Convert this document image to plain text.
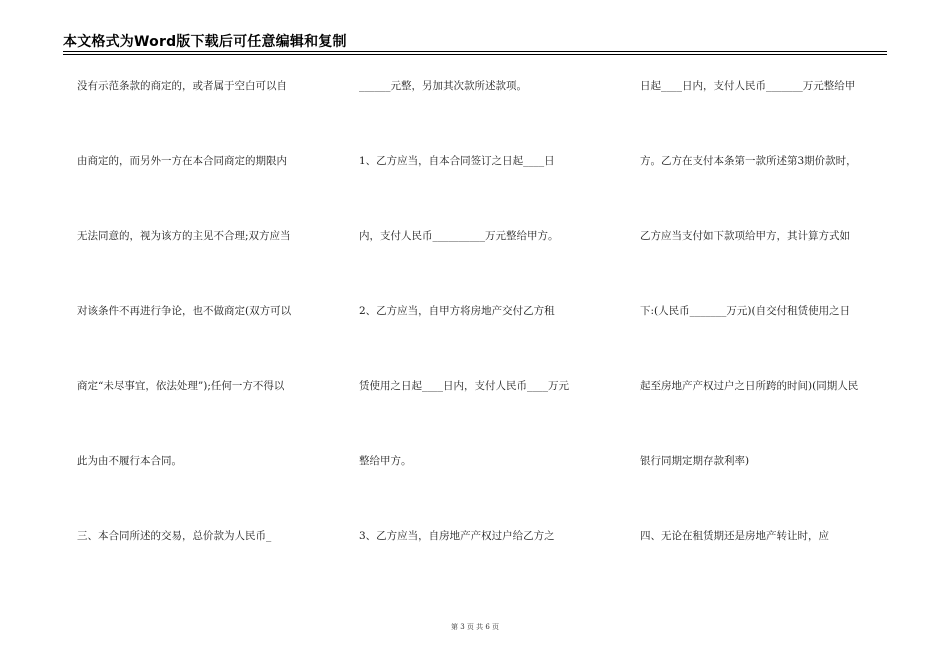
本文格式为Word版下载后可任意编辑和复制
没有示范条款的商定的，或者属于空白可以自
由商定的，而另外一方在本合同商定的期限内
无法同意的，视为该方的主见不合理;双方应当
对该条件不再进行争论，也不做商定(双方可以
商定“未尽事宜，依法处理”);任何一方不得以
此为由不履行本合同。
三、本合同所述的交易，总价款为人民币_
______元整，另加其次款所述款项。
1、乙方应当，自本合同签订之日起____日
内，支付人民币__________万元整给甲方。
2、乙方应当，自甲方将房地产交付乙方租
赁使用之日起____日内，支付人民币____万元
整给甲方。
3、乙方应当，自房地产产权过户给乙方之
日起____日内，支付人民币_______万元整给甲
方。乙方在支付本条第一款所述第3期价款时，
乙方应当支付如下款项给甲方，其计算方式如
下:(人民币_______万元)(自交付租赁使用之日
起至房地产产权过户之日所跨的时间)(同期人民
银行同期定期存款利率)
四、无论在租赁期还是房地产转让时，应
第 3 页 共 6 页
